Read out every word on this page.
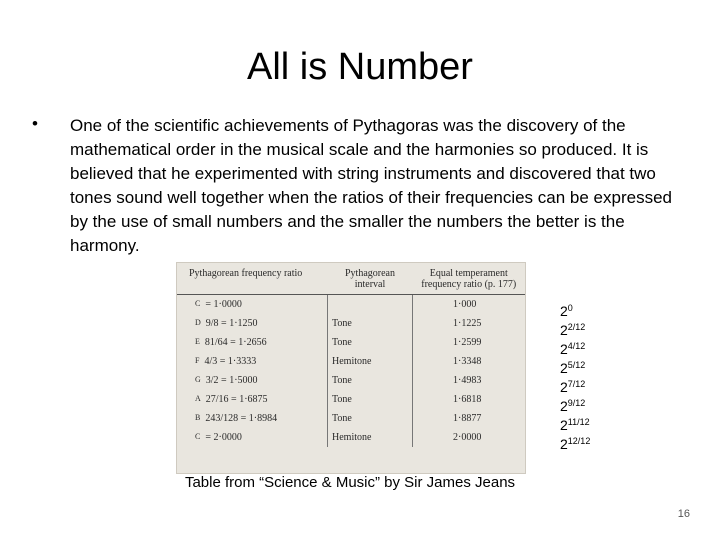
All is Number
• One of the scientific achievements of Pythagoras was the discovery of the mathematical order in the musical scale and the harmonies so produced. It is believed that he experimented with string instruments and discovered that two tones sound well together when the ratios of their frequencies can be expressed by the use of small numbers and the smaller the numbers the better is the harmony.
Pythagorean frequency ratio	Pythagorean interval	Equal temperament frequency ratio (p. 177)
C = 1·0000		1·000
D 9/8 = 1·1250	Tone	1·1225
E 81/64 = 1·2656	Tone	1·2599
F 4/3 = 1·3333	Hemitone	1·3348
G 3/2 = 1·5000	Tone	1·4983
A 27/16 = 1·6875	Tone	1·6818
B 243/128 = 1·8984	Tone	1·8877
C = 2·0000	Hemitone	2·0000
$2^0$
$2^{2/12}$
$2^{4/12}$
$2^{5/12}$
$2^{7/12}$
$2^{9/12}$
$2^{11/12}$
$2^{12/12}$
Table from “Science & Music” by Sir James Jeans
16
